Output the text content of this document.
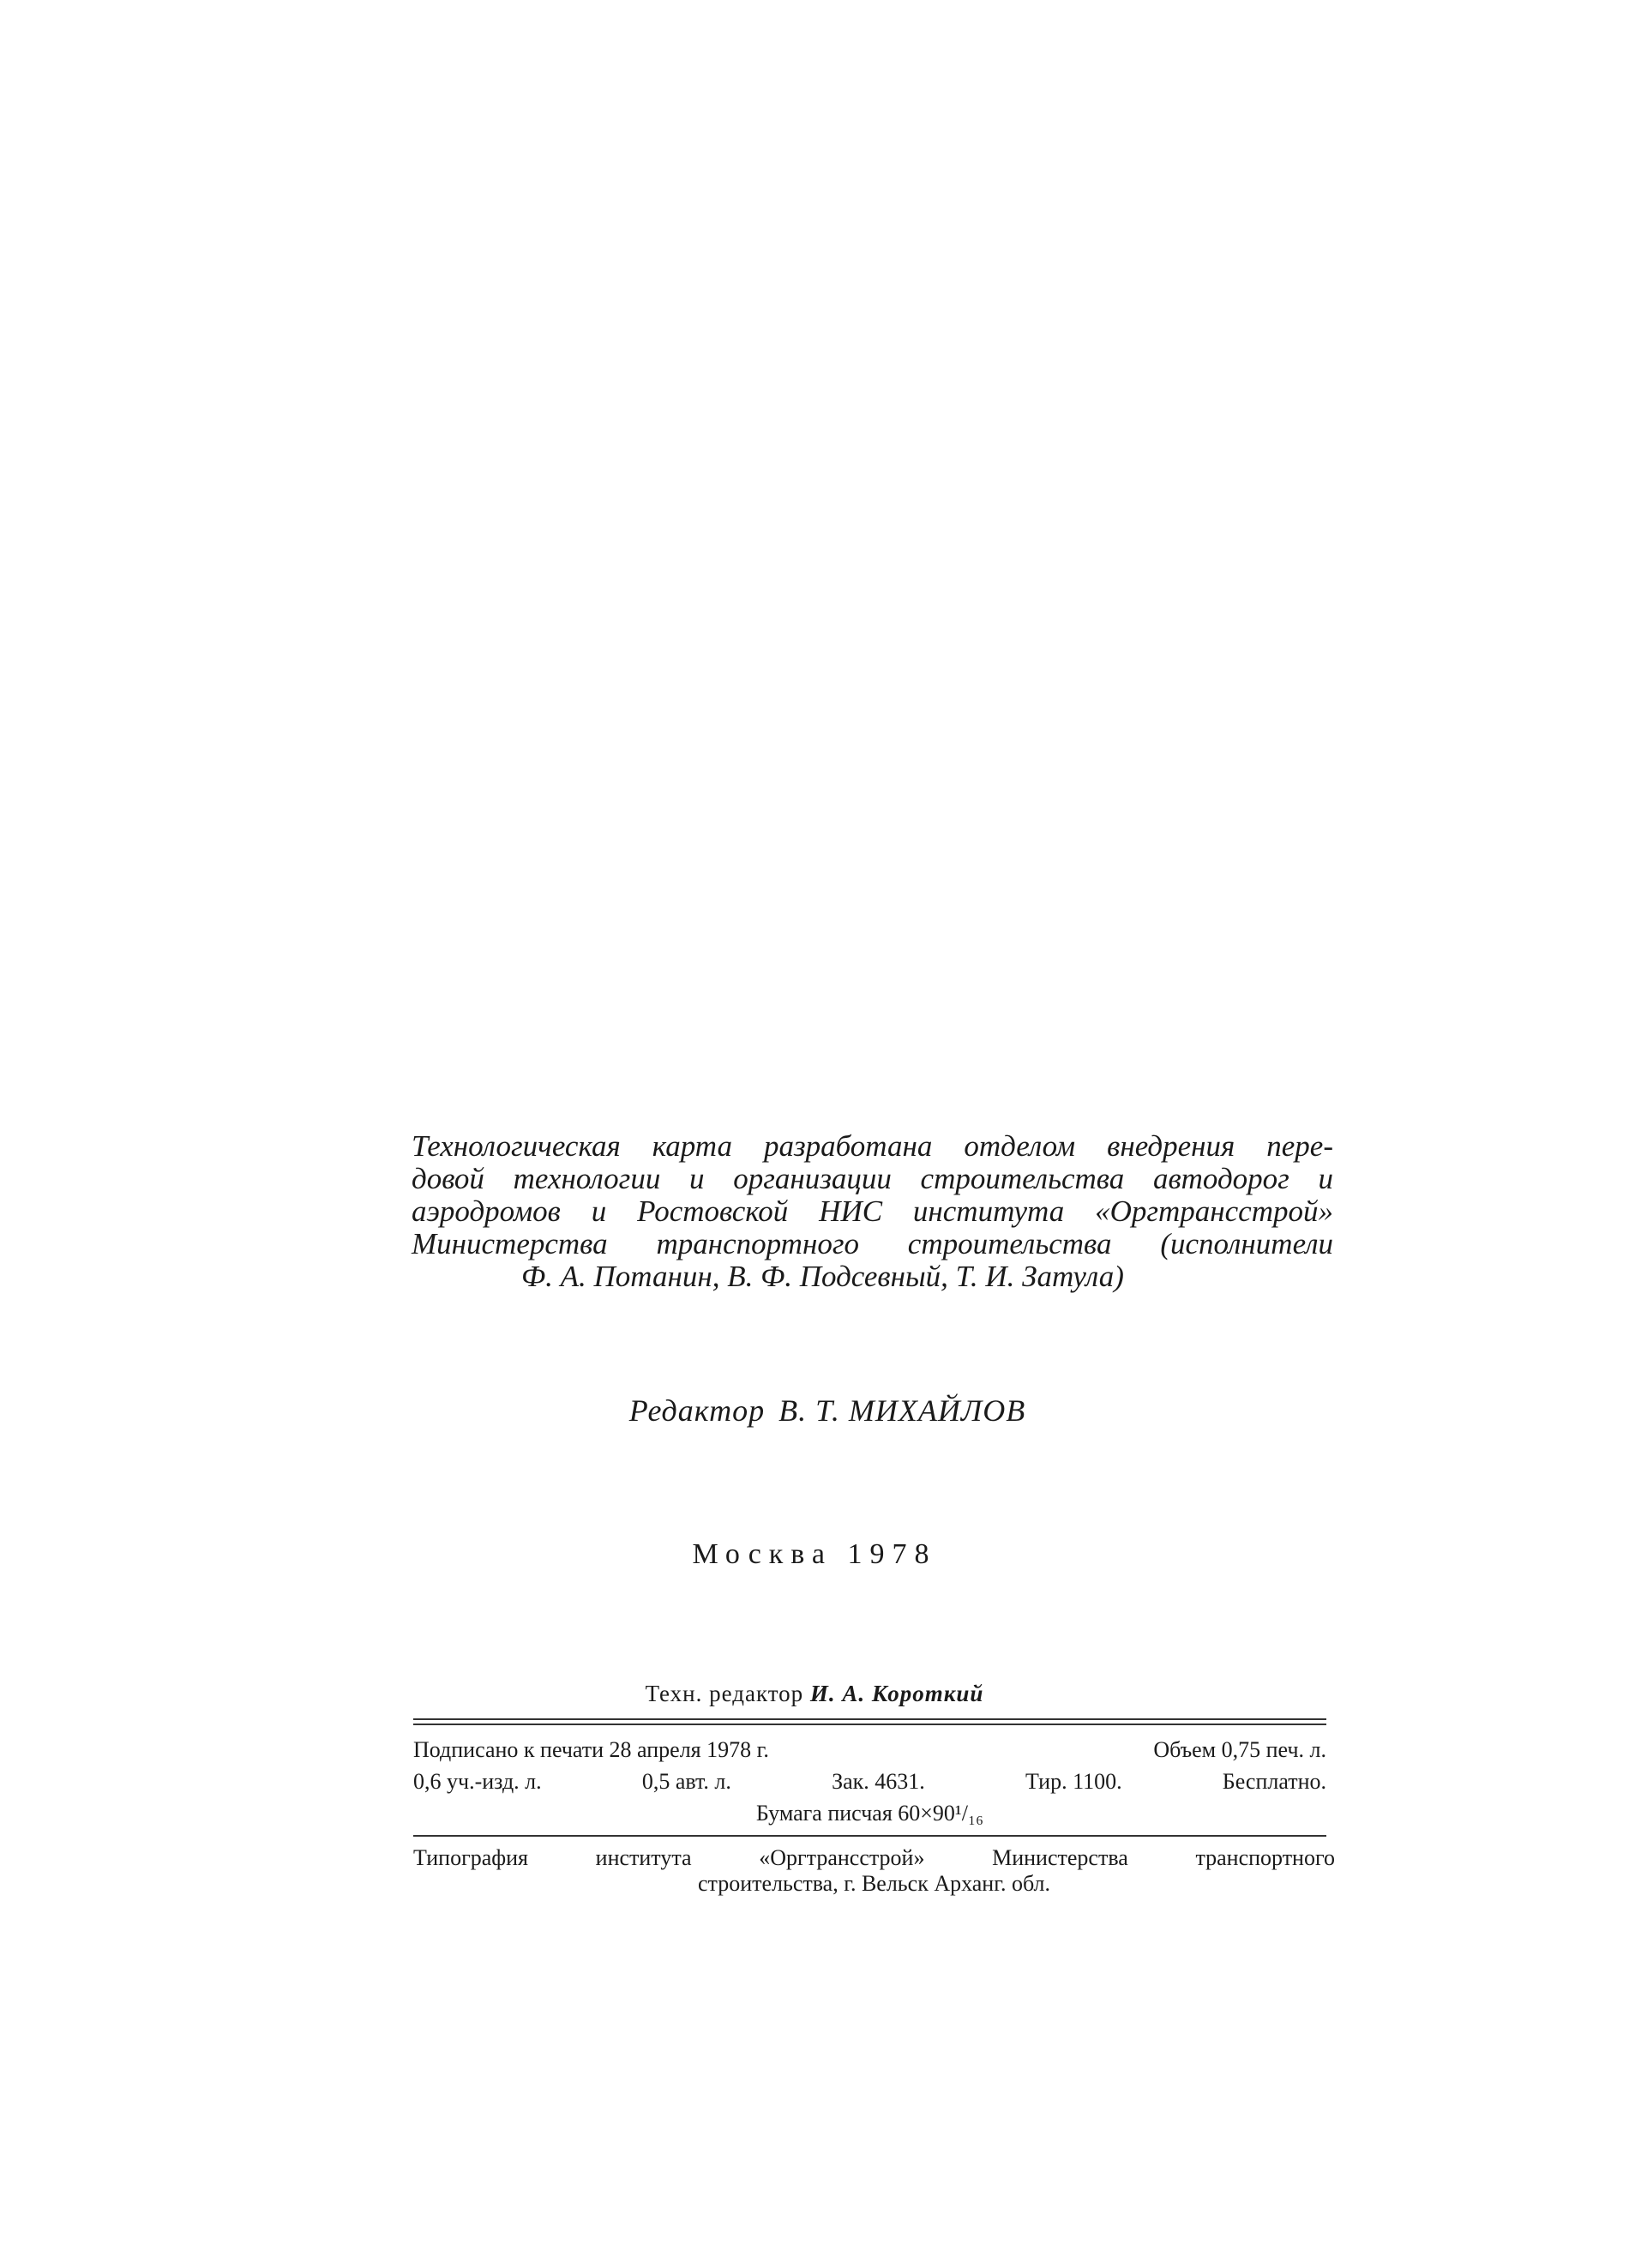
Технологическая карта разработана отделом внедрения пере-
довой технологии и организации строительства автодорог и
аэродромов и Ростовской НИС института «Оргтрансстрой»
Министерства транспортного строительства (исполнители
Ф. А. Потанин, В. Ф. Подсевный, Т. И. Затула)
Редактор В. Т. МИХАЙЛОВ
Москва 1978
Техн. редактор И. А. Короткий
Подписано к печати 28 апреля 1978 г.	Объем 0,75 печ. л.
0,6 уч.-изд. л.	0,5 авт. л.	Зак. 4631.	Тир. 1100.	Бесплатно.
Бумага писчая 60×90¹/₁₆
Типография института «Оргтрансстрой» Министерства транспортного
строительства, г. Вельск Арханг. обл.
